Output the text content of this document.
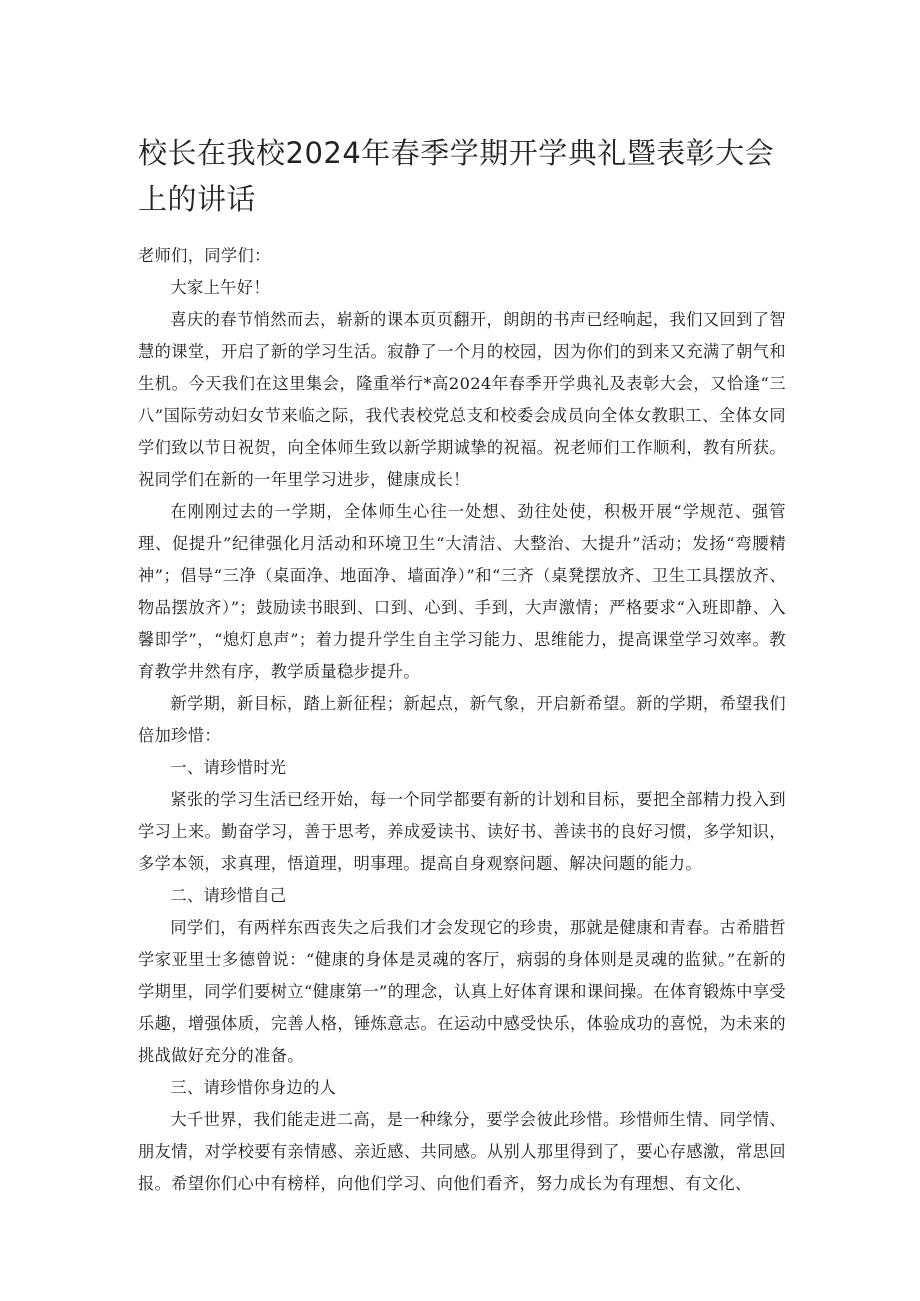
校长在我校2024年春季学期开学典礼暨表彰大会上的讲话

老师们，同学们：

大家上午好！

喜庆的春节悄然而去，崭新的课本页页翻开，朗朗的书声已经响起，我们又回到了智慧的课堂，开启了新的学习生活。寂静了一个月的校园，因为你们的到来又充满了朝气和生机。今天我们在这里集会，隆重举行*高2024年春季开学典礼及表彰大会，又恰逢“三八”国际劳动妇女节来临之际，我代表校党总支和校委会成员向全体女教职工、全体女同学们致以节日祝贺，向全体师生致以新学期诚挚的祝福。祝老师们工作顺利，教有所获。祝同学们在新的一年里学习进步，健康成长！

在刚刚过去的一学期，全体师生心往一处想、劲往处使，积极开展“学规范、强管理、促提升”纪律强化月活动和环境卫生“大清洁、大整治、大提升”活动；发扬“弯腰精神”；倡导“三净（桌面净、地面净、墙面净）”和“三齐（桌凳摆放齐、卫生工具摆放齐、物品摆放齐）”；鼓励读书眼到、口到、心到、手到，大声激情；严格要求“入班即静、入馨即学”，“熄灯息声”；着力提升学生自主学习能力、思维能力，提高课堂学习效率。教育教学井然有序，教学质量稳步提升。

新学期，新目标，踏上新征程；新起点，新气象，开启新希望。新的学期，希望我们倍加珍惜：

一、请珍惜时光

紧张的学习生活已经开始，每一个同学都要有新的计划和目标，要把全部精力投入到学习上来。勤奋学习，善于思考，养成爱读书、读好书、善读书的良好习惯，多学知识，多学本领，求真理，悟道理，明事理。提高自身观察问题、解决问题的能力。

二、请珍惜自己

同学们，有两样东西丧失之后我们才会发现它的珍贵，那就是健康和青春。古希腊哲学家亚里士多德曾说：“健康的身体是灵魂的客厅，病弱的身体则是灵魂的监狱。”在新的学期里，同学们要树立“健康第一”的理念，认真上好体育课和课间操。在体育锻炼中享受乐趣，增强体质，完善人格，锤炼意志。在运动中感受快乐，体验成功的喜悦，为未来的挑战做好充分的准备。

三、请珍惜你身边的人

大千世界，我们能走进二高，是一种缘分，要学会彼此珍惜。珍惜师生情、同学情、朋友情，对学校要有亲情感、亲近感、共同感。从别人那里得到了，要心存感激，常思回报。希望你们心中有榜样，向他们学习、向他们看齐，努力成长为有理想、有文化、
